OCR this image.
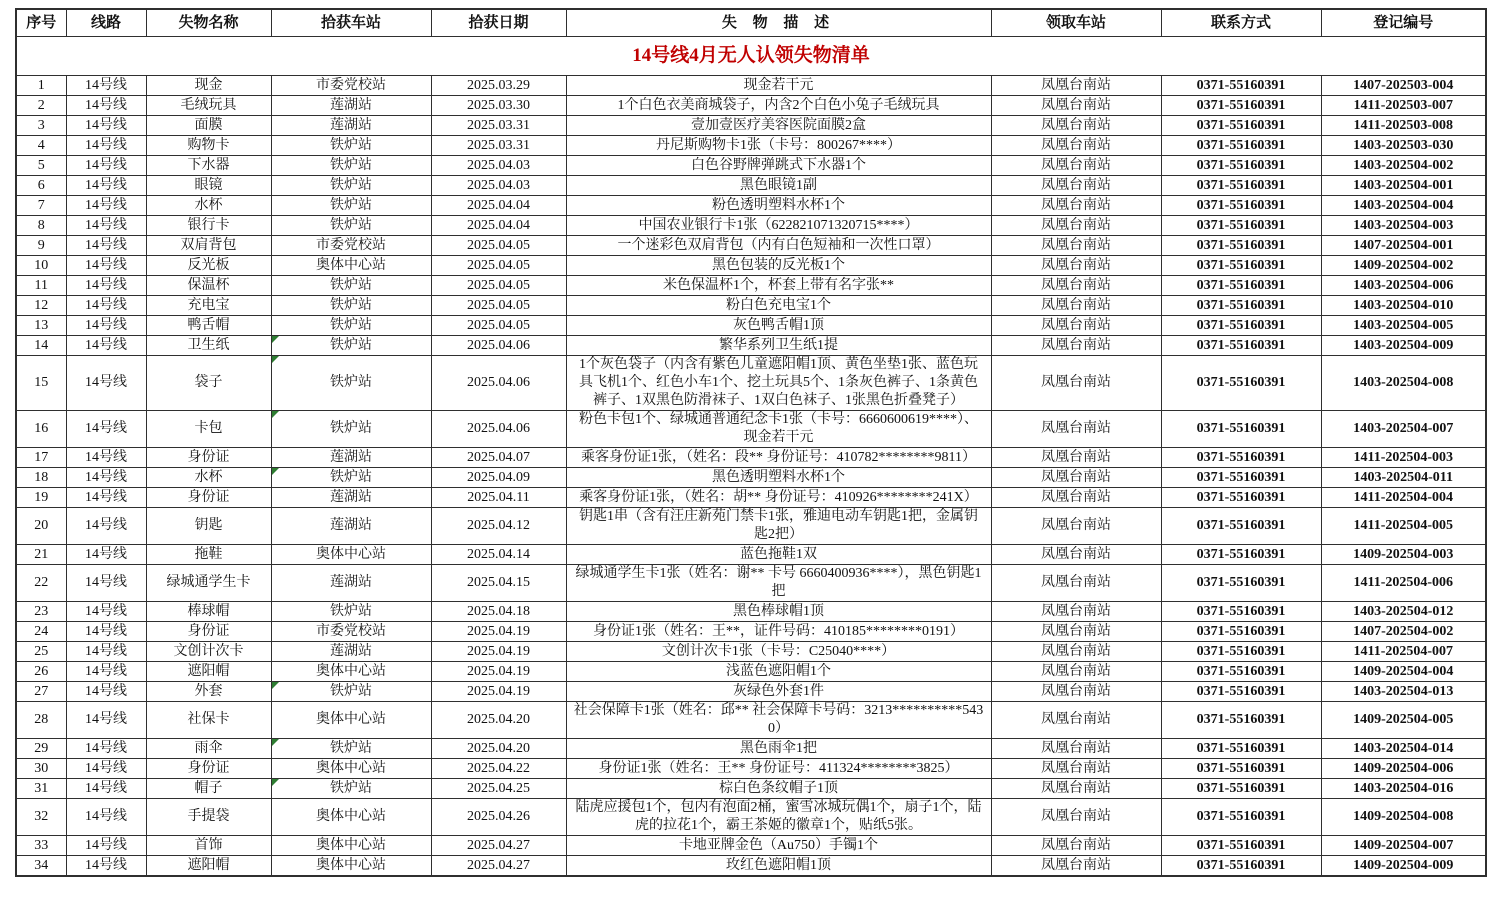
14号线4月无人认领失物清单								
序号	线路	失物名称	拾获车站	拾获日期	失 物 描 述	领取车站	联系方式	登记编号
1	14号线	现金	市委党校站	2025.03.29	现金若干元	凤凰台南站	0371-55160391	1407-202503-004
2	14号线	毛绒玩具	莲湖站	2025.03.30	1个白色衣美商城袋子，内含2个白色小兔子毛绒玩具	凤凰台南站	0371-55160391	1411-202503-007
3	14号线	面膜	莲湖站	2025.03.31	壹加壹医疗美容医院面膜2盒	凤凰台南站	0371-55160391	1411-202503-008
4	14号线	购物卡	铁炉站	2025.03.31	丹尼斯购物卡1张（卡号：800267****）	凤凰台南站	0371-55160391	1403-202503-030
5	14号线	下水器	铁炉站	2025.04.03	白色谷野牌弹跳式下水器1个	凤凰台南站	0371-55160391	1403-202504-002
6	14号线	眼镜	铁炉站	2025.04.03	黑色眼镜1副	凤凰台南站	0371-55160391	1403-202504-001
7	14号线	水杯	铁炉站	2025.04.04	粉色透明塑料水杯1个	凤凰台南站	0371-55160391	1403-202504-004
8	14号线	银行卡	铁炉站	2025.04.04	中国农业银行卡1张（622821071320715****）	凤凰台南站	0371-55160391	1403-202504-003
9	14号线	双肩背包	市委党校站	2025.04.05	一个迷彩色双肩背包（内有白色短袖和一次性口罩）	凤凰台南站	0371-55160391	1407-202504-001
10	14号线	反光板	奥体中心站	2025.04.05	黑色包装的反光板1个	凤凰台南站	0371-55160391	1409-202504-002
11	14号线	保温杯	铁炉站	2025.04.05	米色保温杯1个，杯套上带有名字张**	凤凰台南站	0371-55160391	1403-202504-006
12	14号线	充电宝	铁炉站	2025.04.05	粉白色充电宝1个	凤凰台南站	0371-55160391	1403-202504-010
13	14号线	鸭舌帽	铁炉站	2025.04.05	灰色鸭舌帽1顶	凤凰台南站	0371-55160391	1403-202504-005
14	14号线	卫生纸	铁炉站	2025.04.06	繁华系列卫生纸1提	凤凰台南站	0371-55160391	1403-202504-009
15	14号线	袋子	铁炉站	2025.04.06	1个灰色袋子（内含有紫色儿童遮阳帽1顶、黄色坐垫1张、蓝色玩具飞机1个、红色小车1个、挖土玩具5个、1条灰色裤子、1条黄色裤子、1双黑色防滑袜子、1双白色袜子、1张黑色折叠凳子）	凤凰台南站	0371-55160391	1403-202504-008
16	14号线	卡包	铁炉站	2025.04.06	粉色卡包1个、绿城通普通纪念卡1张（卡号：6660600619****）、现金若干元	凤凰台南站	0371-55160391	1403-202504-007
17	14号线	身份证	莲湖站	2025.04.07	乘客身份证1张，（姓名：段** 身份证号：410782********9811）	凤凰台南站	0371-55160391	1411-202504-003
18	14号线	水杯	铁炉站	2025.04.09	黑色透明塑料水杯1个	凤凰台南站	0371-55160391	1403-202504-011
19	14号线	身份证	莲湖站	2025.04.11	乘客身份证1张，（姓名：胡** 身份证号：410926********241X）	凤凰台南站	0371-55160391	1411-202504-004
20	14号线	钥匙	莲湖站	2025.04.12	钥匙1串（含有汪庄新苑门禁卡1张，雅迪电动车钥匙1把，金属钥匙2把）	凤凰台南站	0371-55160391	1411-202504-005
21	14号线	拖鞋	奥体中心站	2025.04.14	蓝色拖鞋1双	凤凰台南站	0371-55160391	1409-202504-003
22	14号线	绿城通学生卡	莲湖站	2025.04.15	绿城通学生卡1张（姓名：谢** 卡号 6660400936****），黑色钥匙1把	凤凰台南站	0371-55160391	1411-202504-006
23	14号线	棒球帽	铁炉站	2025.04.18	黑色棒球帽1顶	凤凰台南站	0371-55160391	1403-202504-012
24	14号线	身份证	市委党校站	2025.04.19	身份证1张（姓名：王**，证件号码：410185********0191）	凤凰台南站	0371-55160391	1407-202504-002
25	14号线	文创计次卡	莲湖站	2025.04.19	文创计次卡1张（卡号：C25040****）	凤凰台南站	0371-55160391	1411-202504-007
26	14号线	遮阳帽	奥体中心站	2025.04.19	浅蓝色遮阳帽1个	凤凰台南站	0371-55160391	1409-202504-004
27	14号线	外套	铁炉站	2025.04.19	灰绿色外套1件	凤凰台南站	0371-55160391	1403-202504-013
28	14号线	社保卡	奥体中心站	2025.04.20	社会保障卡1张（姓名：邱** 社会保障卡号码：3213**********5430）	凤凰台南站	0371-55160391	1409-202504-005
29	14号线	雨伞	铁炉站	2025.04.20	黑色雨伞1把	凤凰台南站	0371-55160391	1403-202504-014
30	14号线	身份证	奥体中心站	2025.04.22	身份证1张（姓名：王** 身份证号：411324********3825）	凤凰台南站	0371-55160391	1409-202504-006
31	14号线	帽子	铁炉站	2025.04.25	棕白色条纹帽子1顶	凤凰台南站	0371-55160391	1403-202504-016
32	14号线	手提袋	奥体中心站	2025.04.26	陆虎应援包1个，包内有泡面2桶，蜜雪冰城玩偶1个，扇子1个，陆虎的拉花1个，霸王茶姬的徽章1个，贴纸5张。	凤凰台南站	0371-55160391	1409-202504-008
33	14号线	首饰	奥体中心站	2025.04.27	卡地亚牌金色（Au750）手镯1个	凤凰台南站	0371-55160391	1409-202504-007
34	14号线	遮阳帽	奥体中心站	2025.04.27	玫红色遮阳帽1顶	凤凰台南站	0371-55160391	1409-202504-009
